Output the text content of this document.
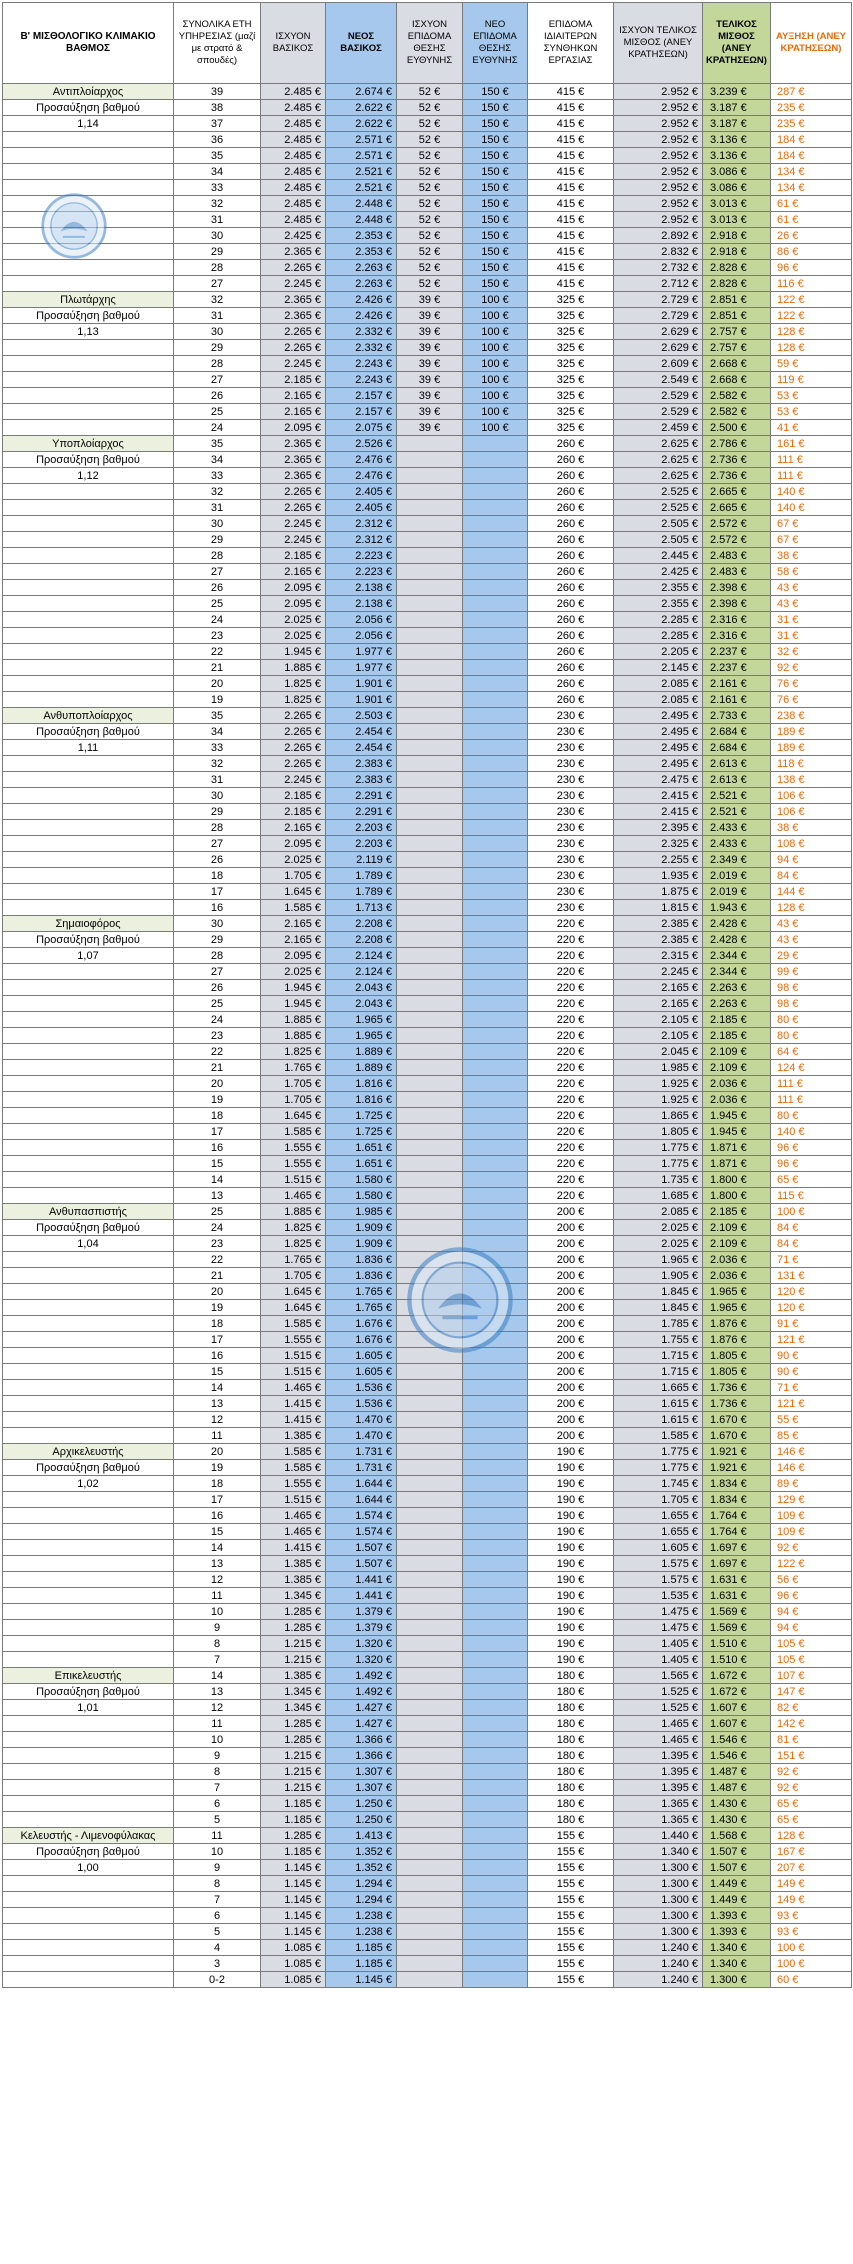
Β' ΜΙΣΘΟΛΟΓΙΚΟ ΚΛΙΜΑΚΙΟ ΒΑΘΜΟΣ	ΣΥΝΟΛΙΚΑ ΕΤΗ ΥΠΗΡΕΣΙΑΣ (μαζί με στρατό & σπουδές)	ΙΣΧΥΟΝ ΒΑΣΙΚΟΣ	ΝΕΟΣ ΒΑΣΙΚΟΣ	ΙΣΧΥΟΝ ΕΠΙΔΟΜΑ ΘΕΣΗΣ ΕΥΘΥΝΗΣ	ΝΕΟ ΕΠΙΔΟΜΑ ΘΕΣΗΣ ΕΥΘΥΝΗΣ	ΕΠΙΔΟΜΑ ΙΔΙΑΙΤΕΡΩΝ ΣΥΝΘΗΚΩΝ ΕΡΓΑΣΙΑΣ	ΙΣΧΥΟΝ ΤΕΛΙΚΟΣ ΜΙΣΘΟΣ (ΑΝΕΥ ΚΡΑΤΗΣΕΩΝ)	ΤΕΛΙΚΟΣ ΜΙΣΘΟΣ (ΑΝΕΥ ΚΡΑΤΗΣΕΩΝ)	ΑΥΞΗΣΗ (ΑΝΕΥ ΚΡΑΤΗΣΕΩΝ)
Αντιπλοίαρχος	39	2.485 €	2.674 €	52 €	150 €	415 €	2.952 €	3.239 €	287 €
Προσαύξηση βαθμού	38	2.485 €	2.622 €	52 €	150 €	415 €	2.952 €	3.187 €	235 €
1,14	37	2.485 €	2.622 €	52 €	150 €	415 €	2.952 €	3.187 €	235 €
	36	2.485 €	2.571 €	52 €	150 €	415 €	2.952 €	3.136 €	184 €
	35	2.485 €	2.571 €	52 €	150 €	415 €	2.952 €	3.136 €	184 €
	34	2.485 €	2.521 €	52 €	150 €	415 €	2.952 €	3.086 €	134 €
	33	2.485 €	2.521 €	52 €	150 €	415 €	2.952 €	3.086 €	134 €
	32	2.485 €	2.448 €	52 €	150 €	415 €	2.952 €	3.013 €	61 €
	31	2.485 €	2.448 €	52 €	150 €	415 €	2.952 €	3.013 €	61 €
	30	2.425 €	2.353 €	52 €	150 €	415 €	2.892 €	2.918 €	26 €
	29	2.365 €	2.353 €	52 €	150 €	415 €	2.832 €	2.918 €	86 €
	28	2.265 €	2.263 €	52 €	150 €	415 €	2.732 €	2.828 €	96 €
	27	2.245 €	2.263 €	52 €	150 €	415 €	2.712 €	2.828 €	116 €
Πλωτάρχης	32	2.365 €	2.426 €	39 €	100 €	325 €	2.729 €	2.851 €	122 €
Προσαύξηση βαθμού	31	2.365 €	2.426 €	39 €	100 €	325 €	2.729 €	2.851 €	122 €
1,13	30	2.265 €	2.332 €	39 €	100 €	325 €	2.629 €	2.757 €	128 €
	29	2.265 €	2.332 €	39 €	100 €	325 €	2.629 €	2.757 €	128 €
	28	2.245 €	2.243 €	39 €	100 €	325 €	2.609 €	2.668 €	59 €
	27	2.185 €	2.243 €	39 €	100 €	325 €	2.549 €	2.668 €	119 €
	26	2.165 €	2.157 €	39 €	100 €	325 €	2.529 €	2.582 €	53 €
	25	2.165 €	2.157 €	39 €	100 €	325 €	2.529 €	2.582 €	53 €
	24	2.095 €	2.075 €	39 €	100 €	325 €	2.459 €	2.500 €	41 €
Υποπλοίαρχος	35	2.365 €	2.526 €			260 €	2.625 €	2.786 €	161 €
Προσαύξηση βαθμού	34	2.365 €	2.476 €			260 €	2.625 €	2.736 €	111 €
1,12	33	2.365 €	2.476 €			260 €	2.625 €	2.736 €	111 €
	32	2.265 €	2.405 €			260 €	2.525 €	2.665 €	140 €
	31	2.265 €	2.405 €			260 €	2.525 €	2.665 €	140 €
	30	2.245 €	2.312 €			260 €	2.505 €	2.572 €	67 €
	29	2.245 €	2.312 €			260 €	2.505 €	2.572 €	67 €
	28	2.185 €	2.223 €			260 €	2.445 €	2.483 €	38 €
	27	2.165 €	2.223 €			260 €	2.425 €	2.483 €	58 €
	26	2.095 €	2.138 €			260 €	2.355 €	2.398 €	43 €
	25	2.095 €	2.138 €			260 €	2.355 €	2.398 €	43 €
	24	2.025 €	2.056 €			260 €	2.285 €	2.316 €	31 €
	23	2.025 €	2.056 €			260 €	2.285 €	2.316 €	31 €
	22	1.945 €	1.977 €			260 €	2.205 €	2.237 €	32 €
	21	1.885 €	1.977 €			260 €	2.145 €	2.237 €	92 €
	20	1.825 €	1.901 €			260 €	2.085 €	2.161 €	76 €
	19	1.825 €	1.901 €			260 €	2.085 €	2.161 €	76 €
Ανθυποπλοίαρχος	35	2.265 €	2.503 €			230 €	2.495 €	2.733 €	238 €
Προσαύξηση βαθμού	34	2.265 €	2.454 €			230 €	2.495 €	2.684 €	189 €
1,11	33	2.265 €	2.454 €			230 €	2.495 €	2.684 €	189 €
	32	2.265 €	2.383 €			230 €	2.495 €	2.613 €	118 €
	31	2.245 €	2.383 €			230 €	2.475 €	2.613 €	138 €
	30	2.185 €	2.291 €			230 €	2.415 €	2.521 €	106 €
	29	2.185 €	2.291 €			230 €	2.415 €	2.521 €	106 €
	28	2.165 €	2.203 €			230 €	2.395 €	2.433 €	38 €
	27	2.095 €	2.203 €			230 €	2.325 €	2.433 €	108 €
	26	2.025 €	2.119 €			230 €	2.255 €	2.349 €	94 €
	18	1.705 €	1.789 €			230 €	1.935 €	2.019 €	84 €
	17	1.645 €	1.789 €			230 €	1.875 €	2.019 €	144 €
	16	1.585 €	1.713 €			230 €	1.815 €	1.943 €	128 €
Σημαιοφόρος	30	2.165 €	2.208 €			220 €	2.385 €	2.428 €	43 €
Προσαύξηση βαθμού	29	2.165 €	2.208 €			220 €	2.385 €	2.428 €	43 €
1,07	28	2.095 €	2.124 €			220 €	2.315 €	2.344 €	29 €
	27	2.025 €	2.124 €			220 €	2.245 €	2.344 €	99 €
	26	1.945 €	2.043 €			220 €	2.165 €	2.263 €	98 €
	25	1.945 €	2.043 €			220 €	2.165 €	2.263 €	98 €
	24	1.885 €	1.965 €			220 €	2.105 €	2.185 €	80 €
	23	1.885 €	1.965 €			220 €	2.105 €	2.185 €	80 €
	22	1.825 €	1.889 €			220 €	2.045 €	2.109 €	64 €
	21	1.765 €	1.889 €			220 €	1.985 €	2.109 €	124 €
	20	1.705 €	1.816 €			220 €	1.925 €	2.036 €	111 €
	19	1.705 €	1.816 €			220 €	1.925 €	2.036 €	111 €
	18	1.645 €	1.725 €			220 €	1.865 €	1.945 €	80 €
	17	1.585 €	1.725 €			220 €	1.805 €	1.945 €	140 €
	16	1.555 €	1.651 €			220 €	1.775 €	1.871 €	96 €
	15	1.555 €	1.651 €			220 €	1.775 €	1.871 €	96 €
	14	1.515 €	1.580 €			220 €	1.735 €	1.800 €	65 €
	13	1.465 €	1.580 €			220 €	1.685 €	1.800 €	115 €
Ανθυπασπιστής	25	1.885 €	1.985 €			200 €	2.085 €	2.185 €	100 €
Προσαύξηση βαθμού	24	1.825 €	1.909 €			200 €	2.025 €	2.109 €	84 €
1,04	23	1.825 €	1.909 €			200 €	2.025 €	2.109 €	84 €
	22	1.765 €	1.836 €			200 €	1.965 €	2.036 €	71 €
	21	1.705 €	1.836 €			200 €	1.905 €	2.036 €	131 €
	20	1.645 €	1.765 €			200 €	1.845 €	1.965 €	120 €
	19	1.645 €	1.765 €			200 €	1.845 €	1.965 €	120 €
	18	1.585 €	1.676 €			200 €	1.785 €	1.876 €	91 €
	17	1.555 €	1.676 €			200 €	1.755 €	1.876 €	121 €
	16	1.515 €	1.605 €			200 €	1.715 €	1.805 €	90 €
	15	1.515 €	1.605 €			200 €	1.715 €	1.805 €	90 €
	14	1.465 €	1.536 €			200 €	1.665 €	1.736 €	71 €
	13	1.415 €	1.536 €			200 €	1.615 €	1.736 €	121 €
	12	1.415 €	1.470 €			200 €	1.615 €	1.670 €	55 €
	11	1.385 €	1.470 €			200 €	1.585 €	1.670 €	85 €
Αρχικελευστής	20	1.585 €	1.731 €			190 €	1.775 €	1.921 €	146 €
Προσαύξηση βαθμού	19	1.585 €	1.731 €			190 €	1.775 €	1.921 €	146 €
1,02	18	1.555 €	1.644 €			190 €	1.745 €	1.834 €	89 €
	17	1.515 €	1.644 €			190 €	1.705 €	1.834 €	129 €
	16	1.465 €	1.574 €			190 €	1.655 €	1.764 €	109 €
	15	1.465 €	1.574 €			190 €	1.655 €	1.764 €	109 €
	14	1.415 €	1.507 €			190 €	1.605 €	1.697 €	92 €
	13	1.385 €	1.507 €			190 €	1.575 €	1.697 €	122 €
	12	1.385 €	1.441 €			190 €	1.575 €	1.631 €	56 €
	11	1.345 €	1.441 €			190 €	1.535 €	1.631 €	96 €
	10	1.285 €	1.379 €			190 €	1.475 €	1.569 €	94 €
	9	1.285 €	1.379 €			190 €	1.475 €	1.569 €	94 €
	8	1.215 €	1.320 €			190 €	1.405 €	1.510 €	105 €
	7	1.215 €	1.320 €			190 €	1.405 €	1.510 €	105 €
Επικελευστής	14	1.385 €	1.492 €			180 €	1.565 €	1.672 €	107 €
Προσαύξηση βαθμού	13	1.345 €	1.492 €			180 €	1.525 €	1.672 €	147 €
1,01	12	1.345 €	1.427 €			180 €	1.525 €	1.607 €	82 €
	11	1.285 €	1.427 €			180 €	1.465 €	1.607 €	142 €
	10	1.285 €	1.366 €			180 €	1.465 €	1.546 €	81 €
	9	1.215 €	1.366 €			180 €	1.395 €	1.546 €	151 €
	8	1.215 €	1.307 €			180 €	1.395 €	1.487 €	92 €
	7	1.215 €	1.307 €			180 €	1.395 €	1.487 €	92 €
	6	1.185 €	1.250 €			180 €	1.365 €	1.430 €	65 €
	5	1.185 €	1.250 €			180 €	1.365 €	1.430 €	65 €
Κελευστής - Λιμενοφύλακας	11	1.285 €	1.413 €			155 €	1.440 €	1.568 €	128 €
Προσαύξηση βαθμού	10	1.185 €	1.352 €			155 €	1.340 €	1.507 €	167 €
1,00	9	1.145 €	1.352 €			155 €	1.300 €	1.507 €	207 €
	8	1.145 €	1.294 €			155 €	1.300 €	1.449 €	149 €
	7	1.145 €	1.294 €			155 €	1.300 €	1.449 €	149 €
	6	1.145 €	1.238 €			155 €	1.300 €	1.393 €	93 €
	5	1.145 €	1.238 €			155 €	1.300 €	1.393 €	93 €
	4	1.085 €	1.185 €			155 €	1.240 €	1.340 €	100 €
	3	1.085 €	1.185 €			155 €	1.240 €	1.340 €	100 €
	0-2	1.085 €	1.145 €			155 €	1.240 €	1.300 €	60 €
